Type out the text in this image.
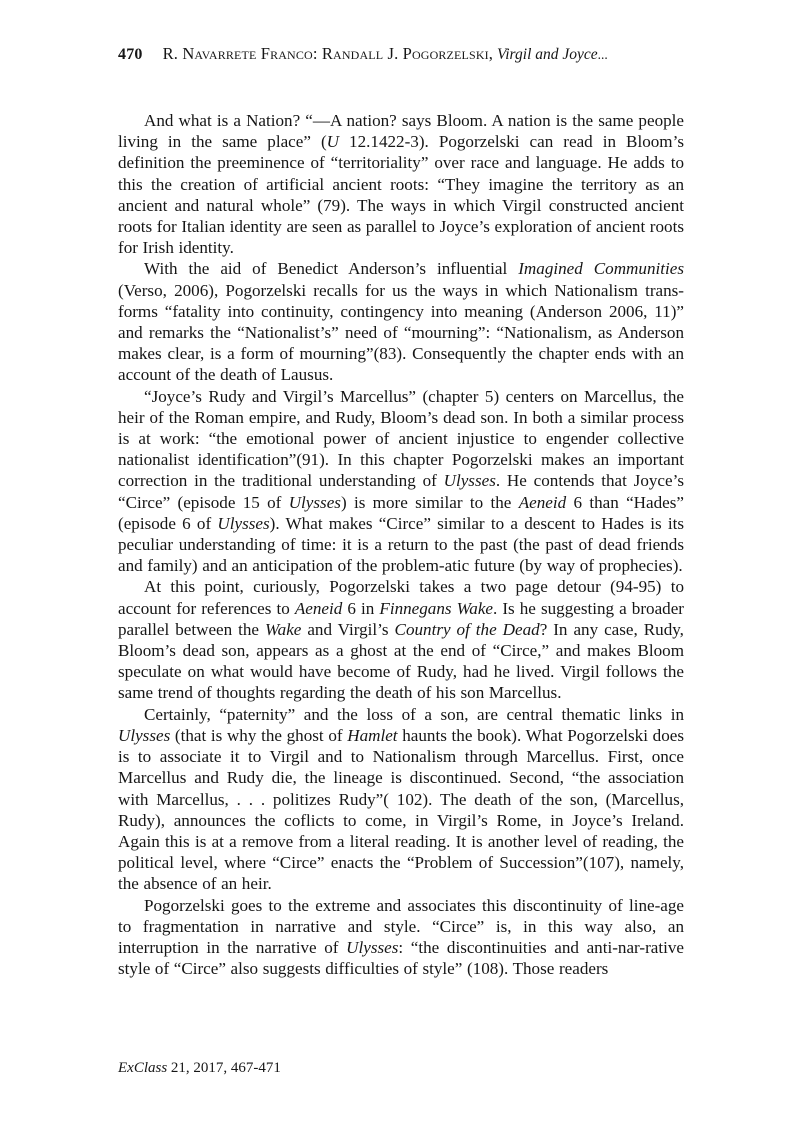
470 R. Navarrete Franco: Randall J. Pogorzelski, Virgil and Joyce...

And what is a Nation? “—A nation? says Bloom. A nation is the same people living in the same place” (U 12.1422-3). Pogorzelski can read in Bloom’s definition the preeminence of “territoriality” over race and language. He adds to this the creation of artificial ancient roots: “They imagine the territory as an ancient and natural whole” (79). The ways in which Virgil constructed ancient roots for Italian identity are seen as parallel to Joyce’s exploration of ancient roots for Irish identity.

With the aid of Benedict Anderson’s influential Imagined Communities (Verso, 2006), Pogorzelski recalls for us the ways in which Nationalism trans-forms “fatality into continuity, contingency into meaning (Anderson 2006, 11)” and remarks the “Nationalist’s” need of “mourning”: “Nationalism, as Anderson makes clear, is a form of mourning”(83). Consequently the chapter ends with an account of the death of Lausus.

“Joyce’s Rudy and Virgil’s Marcellus” (chapter 5) centers on Marcellus, the heir of the Roman empire, and Rudy, Bloom’s dead son. In both a similar process is at work: “the emotional power of ancient injustice to engender collective nationalist identification”(91). In this chapter Pogorzelski makes an important correction in the traditional understanding of Ulysses. He contends that Joyce’s “Circe” (episode 15 of Ulysses) is more similar to the Aeneid 6 than “Hades” (episode 6 of Ulysses). What makes “Circe” similar to a descent to Hades is its peculiar understanding of time: it is a return to the past (the past of dead friends and family) and an anticipation of the problem-atic future (by way of prophecies).

At this point, curiously, Pogorzelski takes a two page detour (94-95) to account for references to Aeneid 6 in Finnegans Wake. Is he suggesting a broader parallel between the Wake and Virgil’s Country of the Dead? In any case, Rudy, Bloom’s dead son, appears as a ghost at the end of “Circe,” and makes Bloom speculate on what would have become of Rudy, had he lived. Virgil follows the same trend of thoughts regarding the death of his son Marcellus.

Certainly, “paternity” and the loss of a son, are central thematic links in Ulysses (that is why the ghost of Hamlet haunts the book). What Pogorzelski does is to associate it to Virgil and to Nationalism through Marcellus. First, once Marcellus and Rudy die, the lineage is discontinued. Second, “the association with Marcellus, . . . politizes Rudy”( 102). The death of the son, (Marcellus, Rudy), announces the coflicts to come, in Virgil’s Rome, in Joyce’s Ireland. Again this is at a remove from a literal reading. It is another level of reading, the political level, where “Circe” enacts the “Problem of Succession”(107), namely, the absence of an heir.

Pogorzelski goes to the extreme and associates this discontinuity of line-age to fragmentation in narrative and style. “Circe” is, in this way also, an interruption in the narrative of Ulysses: “the discontinuities and anti-nar-rative style of “Circe” also suggests difficulties of style” (108). Those readers

ExClass 21, 2017, 467-471
